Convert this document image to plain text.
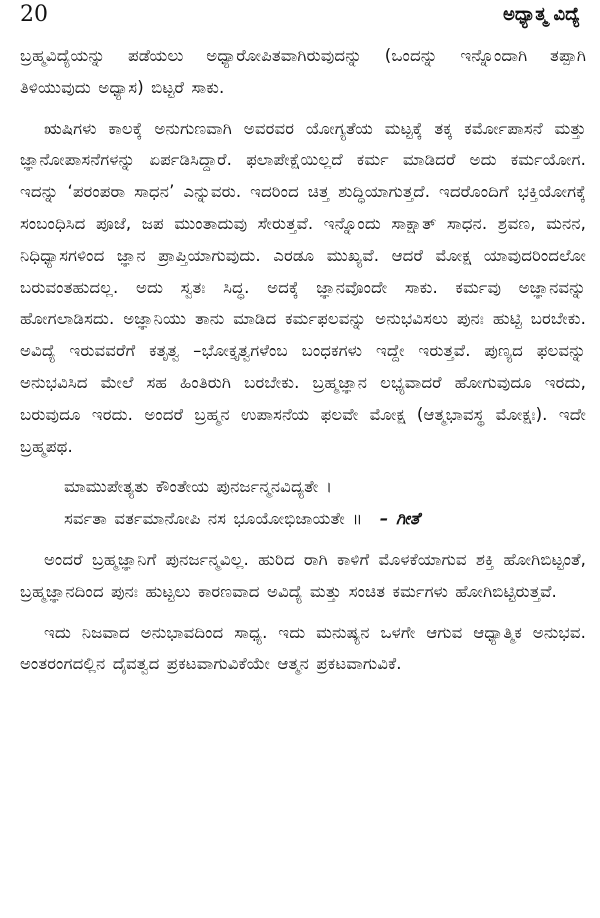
20	ಅಧ್ಯಾತ್ಮ ವಿದ್ಯೆ

ಬ್ರಹ್ಮವಿದ್ಯೆಯನ್ನು ಪಡೆಯಲು ಅಧ್ಯಾರೋಪಿತವಾಗಿರುವುದನ್ನು (ಒಂದನ್ನು ಇನ್ನೊಂದಾಗಿ ತಪ್ಪಾಗಿ ತಿಳಿಯುವುದು ಅಧ್ಯಾಸ) ಬಿಟ್ಟರೆ ಸಾಕು.

ಋಷಿಗಳು ಕಾಲಕ್ಕೆ ಅನುಗುಣವಾಗಿ ಅವರವರ ಯೋಗ್ಯತೆಯ ಮಟ್ಟಕ್ಕೆ ತಕ್ಕ ಕರ್ಮೋಪಾಸನೆ ಮತ್ತು ಜ್ಞಾನೋಪಾಸನೆಗಳನ್ನು ಏರ್ಪಡಿಸಿದ್ದಾರೆ. ಫಲಾಪೇಕ್ಷೆಯಿಲ್ಲದೆ ಕರ್ಮ ಮಾಡಿದರೆ ಅದು ಕರ್ಮಯೋಗ. ಇದನ್ನು ‘ಪರಂಪರಾ ಸಾಧನ’ ಎನ್ನುವರು. ಇದರಿಂದ ಚಿತ್ತ ಶುದ್ಧಿಯಾಗುತ್ತದೆ. ಇದರೊಂದಿಗೆ ಭಕ್ತಿಯೋಗಕ್ಕೆ ಸಂಬಂಧಿಸಿದ ಪೂಜೆ, ಜಪ ಮುಂತಾದುವು ಸೇರುತ್ತವೆ. ಇನ್ನೊಂದು ಸಾಕ್ಷಾತ್ ಸಾಧನ. ಶ್ರವಣ, ಮನನ, ನಿಧಿಧ್ಯಾಸಗಳಿಂದ ಜ್ಞಾನ ಪ್ರಾಪ್ತಿಯಾಗುವುದು. ಎರಡೂ ಮುಖ್ಯವೆ. ಆದರೆ ಮೋಕ್ಷ ಯಾವುದರಿಂದಲೋ ಬರುವಂತಹುದಲ್ಲ. ಅದು ಸ್ವತಃ ಸಿದ್ಧ. ಅದಕ್ಕೆ ಜ್ಞಾನವೊಂದೇ ಸಾಕು. ಕರ್ಮವು ಅಜ್ಞಾನವನ್ನು ಹೋಗಲಾಡಿಸದು. ಅಜ್ಞಾನಿಯು ತಾನು ಮಾಡಿದ ಕರ್ಮಫಲವನ್ನು ಅನುಭವಿಸಲು ಪುನಃ ಹುಟ್ಟಿ ಬರಬೇಕು. ಅವಿದ್ಯೆ ಇರುವವರೆಗೆ ಕತೃತ್ವ –ಭೋಕ್ತೃತ್ವಗಳೆಂಬ ಬಂಧಕಗಳು ಇದ್ದೇ ಇರುತ್ತವೆ. ಪುಣ್ಯದ ಫಲವನ್ನು ಅನುಭವಿಸಿದ ಮೇಲೆ ಸಹ ಹಿಂತಿರುಗಿ ಬರಬೇಕು. ಬ್ರಹ್ಮಜ್ಞಾನ ಲಭ್ಯವಾದರೆ ಹೋಗುವುದೂ ಇರದು, ಬರುವುದೂ ಇರದು. ಅಂದರೆ ಬ್ರಹ್ಮನ ಉಪಾಸನೆಯ ಫಲವೇ ಮೋಕ್ಷ (ಆತ್ಮಭಾವಸ್ಥ ಮೋಕ್ಷಃ). ಇದೇ ಬ್ರಹ್ಮಪಥ.

ಮಾಮುಪೇತ್ಯತು ಕೌಂತೇಯ ಪುನರ್ಜನ್ಮನವಿದ್ಯತೇ ।
ಸರ್ವತಾ ವರ್ತಮಾನೋಪಿ ನಸ ಭೂಯೋಭಿಜಾಯತೇ ॥ – ಗೀತೆ

ಅಂದರೆ ಬ್ರಹ್ಮಜ್ಞಾನಿಗೆ ಪುನರ್ಜನ್ಮವಿಲ್ಲ. ಹುರಿದ ರಾಗಿ ಕಾಳಿಗೆ ಮೊಳಕೆಯಾಗುವ ಶಕ್ತಿ ಹೋಗಿಬಿಟ್ಟಂತೆ, ಬ್ರಹ್ಮಜ್ಞಾನದಿಂದ ಪುನಃ ಹುಟ್ಟಲು ಕಾರಣವಾದ ಅವಿದ್ಯೆ ಮತ್ತು ಸಂಚಿತ ಕರ್ಮಗಳು ಹೋಗಿಬಿಟ್ಟಿರುತ್ತವೆ.

ಇದು ನಿಜವಾದ ಅನುಭಾವದಿಂದ ಸಾಧ್ಯ. ಇದು ಮನುಷ್ಯನ ಒಳಗೇ ಆಗುವ ಆಧ್ಯಾತ್ಮಿಕ ಅನುಭವ. ಅಂತರಂಗದಲ್ಲಿನ ದೈವತ್ವದ ಪ್ರಕಟವಾಗುವಿಕೆಯೇ ಆತ್ಮನ ಪ್ರಕಟವಾಗುವಿಕೆ.
